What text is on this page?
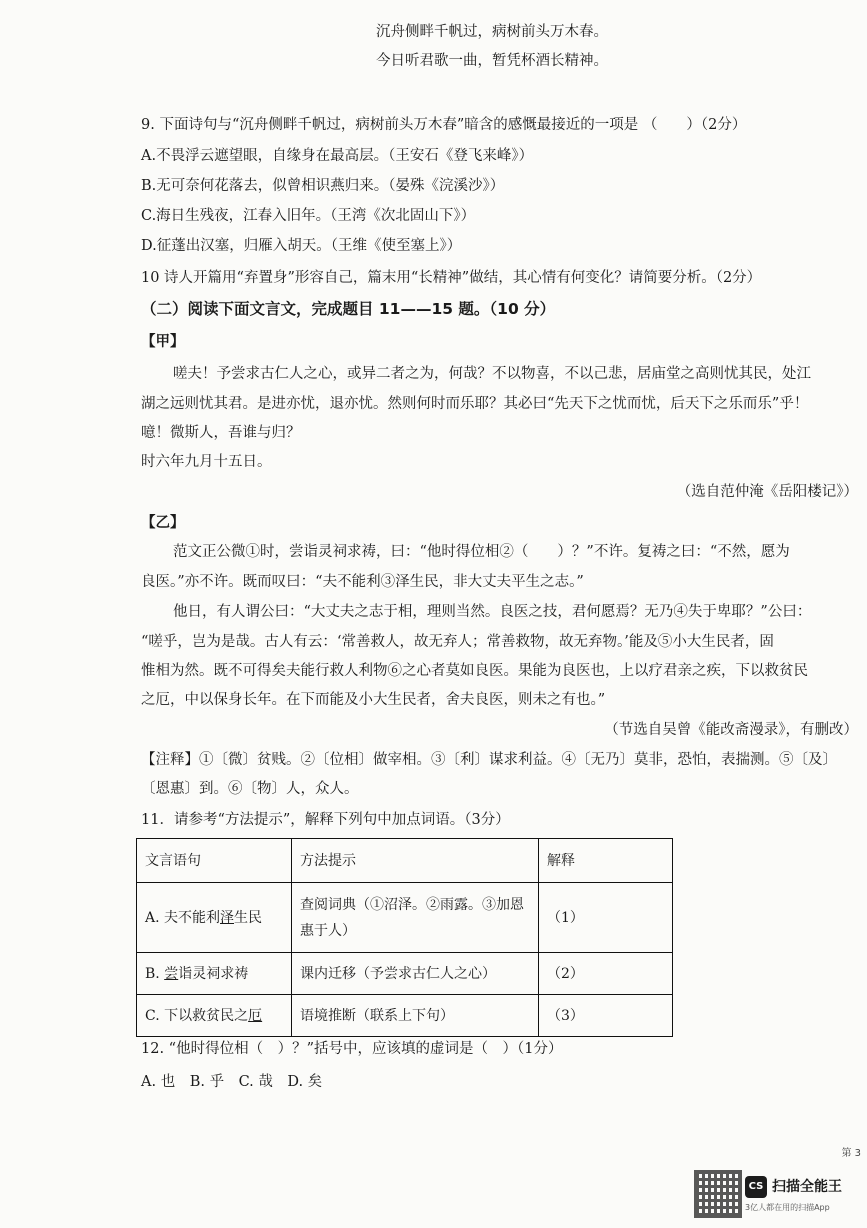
沉舟侧畔千帆过，病树前头万木春。
今日听君歌一曲，暂凭杯酒长精神。
9. 下面诗句与“沉舟侧畔千帆过，病树前头万木春”暗含的感慨最接近的一项是 （　　）（2分）
A.不畏浮云遮望眼，自缘身在最高层。（王安石《登飞来峰》）
B.无可奈何花落去，似曾相识燕归来。（晏殊《浣溪沙》）
C.海日生残夜，江春入旧年。（王湾《次北固山下》）
D.征蓬出汉塞，归雁入胡天。（王维《使至塞上》）
10 诗人开篇用“弃置身”形容自己，篇末用“长精神”做结，其心情有何变化？请简要分析。（2分）
（二）阅读下面文言文，完成题目 11——15 题。（10 分）
【甲】
嗟夫！予尝求古仁人之心，或异二者之为，何哉？不以物喜，不以己悲，居庙堂之高则忧其民，处江
湖之远则忧其君。是进亦忧，退亦忧。然则何时而乐耶？其必曰“先天下之忧而忧，后天下之乐而乐”乎！
噫！微斯人，吾谁与归？
时六年九月十五日。
（选自范仲淹《岳阳楼记》）
【乙】
范文正公微①时，尝诣灵祠求祷，曰：“他时得位相②（　　）？”不许。复祷之曰：“不然，愿为
良医。”亦不许。既而叹曰：“夫不能利③泽生民，非大丈夫平生之志。”
他日，有人谓公曰：“大丈夫之志于相，理则当然。良医之技，君何愿焉？无乃④失于卑耶？”公曰：
“嗟乎，岂为是哉。古人有云：‘常善救人，故无弃人；常善救物，故无弃物。’能及⑤小大生民者，固
惟相为然。既不可得矣夫能行救人利物⑥之心者莫如良医。果能为良医也，上以疗君亲之疾，下以救贫民
之厄，中以保身长年。在下而能及小大生民者，舍夫良医，则未之有也。”
（节选自吴曾《能改斋漫录》，有删改）
【注释】①〔微〕贫贱。②〔位相〕做宰相。③〔利〕谋求利益。④〔无乃〕莫非，恐怕，表揣测。⑤〔及〕
〔恩惠〕到。⑥〔物〕人，众人。
11．请参考“方法提示”，解释下列句中加点词语。（3分）
文言语句	方法提示	解释
A. 夫不能利泽生民	查阅词典（①沼泽。②雨露。③加恩惠于人）	（1）
B. 尝诣灵祠求祷	课内迁移（予尝求古仁人之心）	（2）
C. 下以救贫民之厄	语境推断（联系上下句）	（3）
12. “他时得位相（　）？”括号中，应该填的虚词是（　）（1分）
A. 也　B. 乎　C. 哉　D. 矣
第 3
CS 扫描全能王
3亿人都在用的扫描App
